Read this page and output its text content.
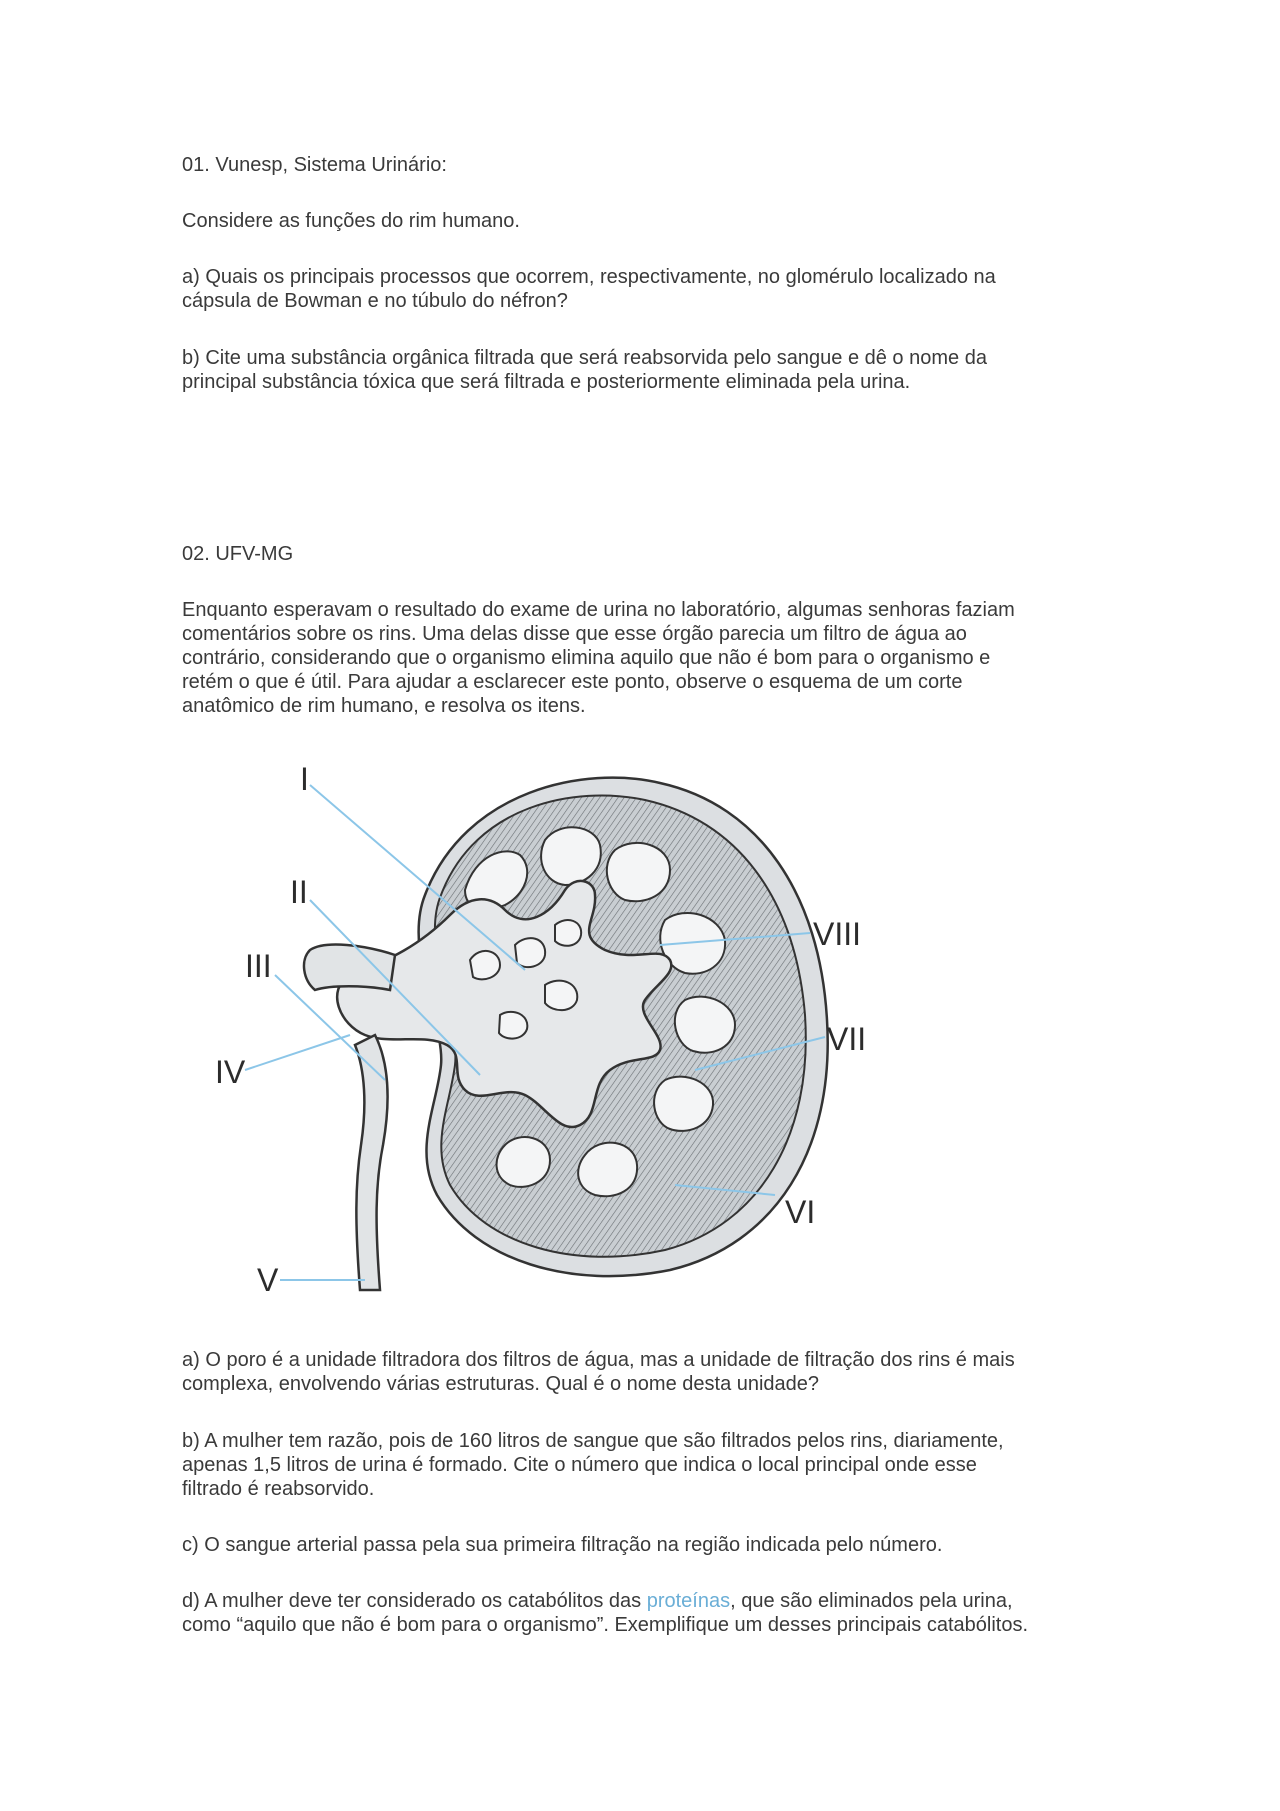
01. Vunesp, Sistema Urinário:

Considere as funções do rim humano.

a) Quais os principais processos que ocorrem, respectivamente, no glomérulo localizado na
cápsula de Bowman e no túbulo do néfron?
b) Cite uma substância orgânica filtrada que será reabsorvida pelo sangue e dê o nome da
principal substância tóxica que será filtrada e posteriormente eliminada pela urina.

02. UFV-MG

Enquanto esperavam o resultado do exame de urina no laboratório, algumas senhoras faziam
comentários sobre os rins. Uma delas disse que esse órgão parecia um filtro de água ao
contrário, considerando que o organismo elimina aquilo que não é bom para o organismo e
retém o que é útil. Para ajudar a esclarecer este ponto, observe o esquema de um corte
anatômico de rim humano, e resolva os itens.
I
II
III
IV
V
VI
VII
VIII
a) O poro é a unidade filtradora dos filtros de água, mas a unidade de filtração dos rins é mais
complexa, envolvendo várias estruturas. Qual é o nome desta unidade?
b) A mulher tem razão, pois de 160 litros de sangue que são filtrados pelos rins, diariamente,
apenas 1,5 litros de urina é formado. Cite o número que indica o local principal onde esse
filtrado é reabsorvido.

c) O sangue arterial passa pela sua primeira filtração na região indicada pelo número.

d) A mulher deve ter considerado os catabólitos das proteínas, que são eliminados pela urina,
como “aquilo que não é bom para o organismo”. Exemplifique um desses principais catabólitos.
